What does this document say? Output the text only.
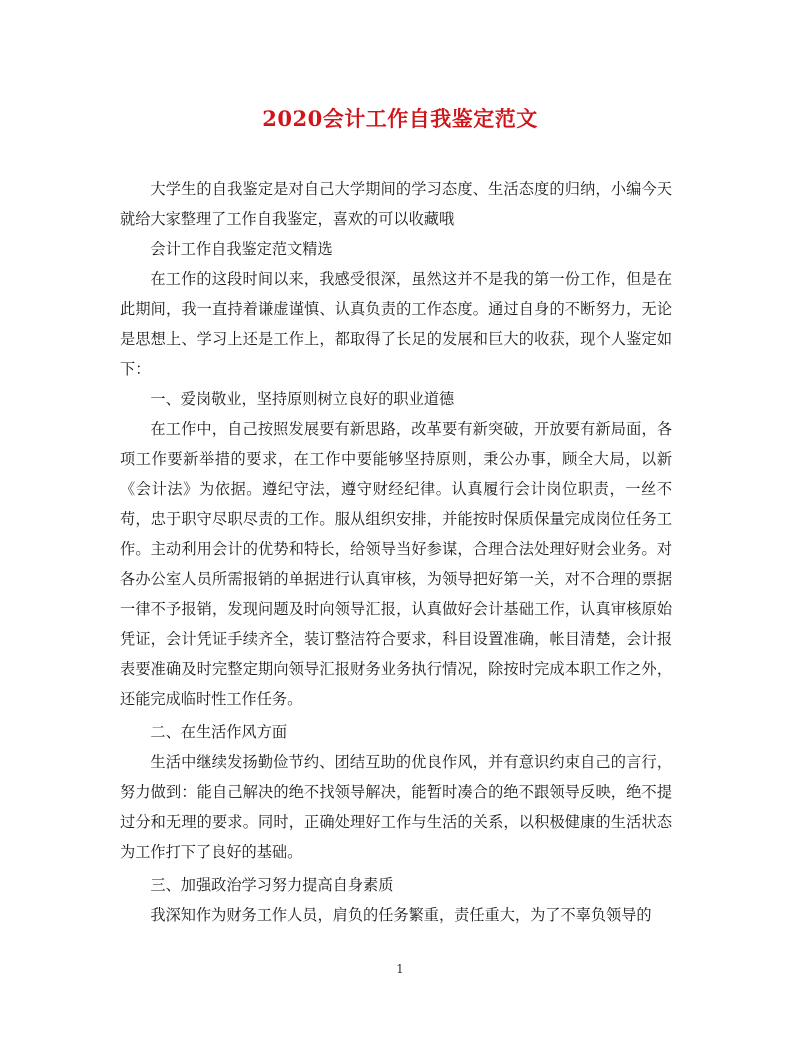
2020会计工作自我鉴定范文

大学生的自我鉴定是对自己大学期间的学习态度、生活态度的归纳，小编今天就给大家整理了工作自我鉴定，喜欢的可以收藏哦

会计工作自我鉴定范文精选

在工作的这段时间以来，我感受很深，虽然这并不是我的第一份工作，但是在此期间，我一直持着谦虚谨慎、认真负责的工作态度。通过自身的不断努力，无论是思想上、学习上还是工作上，都取得了长足的发展和巨大的收获，现个人鉴定如下：

一、爱岗敬业，坚持原则树立良好的职业道德

在工作中，自己按照发展要有新思路，改革要有新突破，开放要有新局面，各项工作要新举措的要求，在工作中要能够坚持原则，秉公办事，顾全大局，以新《会计法》为依据。遵纪守法，遵守财经纪律。认真履行会计岗位职责，一丝不苟，忠于职守尽职尽责的工作。服从组织安排，并能按时保质保量完成岗位任务工作。主动利用会计的优势和特长，给领导当好参谋，合理合法处理好财会业务。对各办公室人员所需报销的单据进行认真审核，为领导把好第一关，对不合理的票据一律不予报销，发现问题及时向领导汇报，认真做好会计基础工作，认真审核原始凭证，会计凭证手续齐全，装订整洁符合要求，科目设置准确，帐目清楚，会计报表要准确及时完整定期向领导汇报财务业务执行情况，除按时完成本职工作之外，还能完成临时性工作任务。

二、在生活作风方面

生活中继续发扬勤俭节约、团结互助的优良作风，并有意识约束自己的言行，努力做到：能自己解决的绝不找领导解决，能暂时凑合的绝不跟领导反映，绝不提过分和无理的要求。同时，正确处理好工作与生活的关系，以积极健康的生活状态为工作打下了良好的基础。

三、加强政治学习努力提高自身素质

我深知作为财务工作人员，肩负的任务繁重，责任重大，为了不辜负领导的

1
